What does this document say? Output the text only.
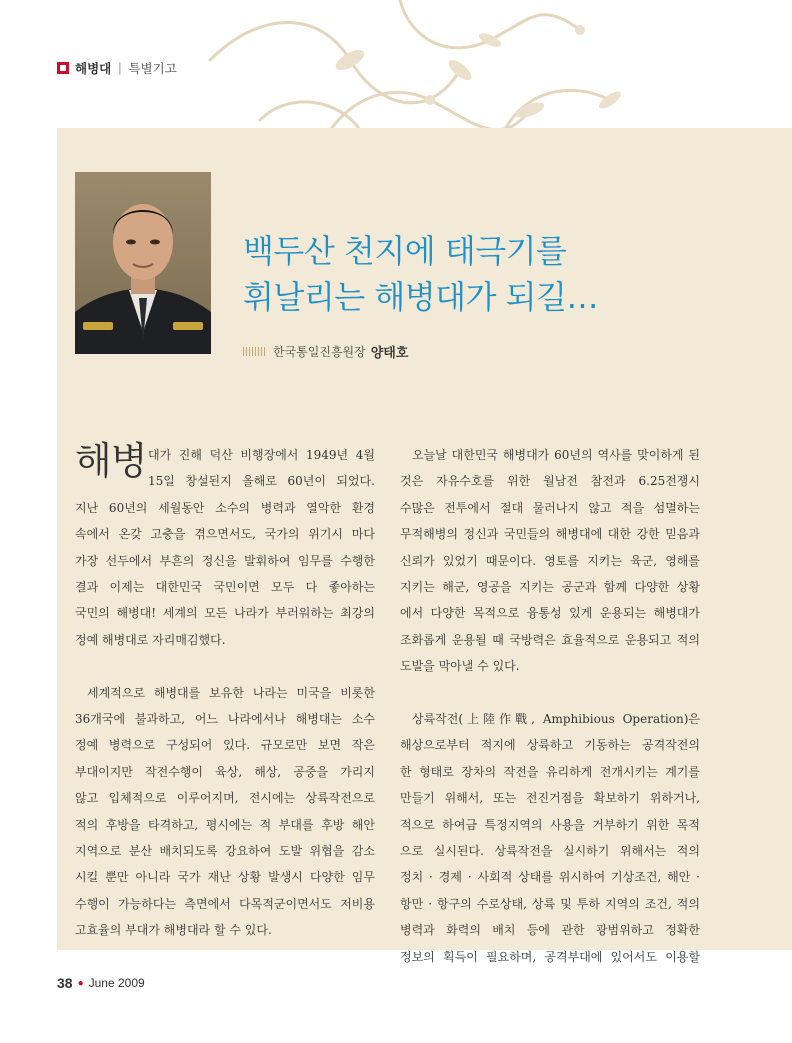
해병대 | 특별기고
백두산 천지에 태극기를
휘날리는 해병대가 되길…
한국통일진흥원장 양태호
해병 대가 진해 덕산 비행장에서 1949년 4월
15일 창설된지 올해로 60년이 되었다.
지난 60년의 세월동안 소수의 병력과 열악한 환경
속에서 온갖 고충을 겪으면서도, 국가의 위기시 마다
가장 선두에서 부흔의 정신을 발휘하여 임무를 수행한
결과 이제는 대한민국 국민이면 모두 다 좋아하는
국민의 해병대! 세계의 모든 나라가 부러워하는 최강의
정예 해병대로 자리매김했다.

세계적으로 해병대를 보유한 나라는 미국을 비롯한
36개국에 불과하고, 어느 나라에서나 해병대는 소수
정예 병력으로 구성되어 있다. 규모로만 보면 작은
부대이지만 작전수행이 육상, 해상, 공중을 가리지
않고 입체적으로 이루어지며, 전시에는 상륙작전으로
적의 후방을 타격하고, 평시에는 적 부대를 후방 해안
지역으로 분산 배치되도록 강요하여 도발 위협을 감소
시킬 뿐만 아니라 국가 재난 상황 발생시 다양한 임무
수행이 가능하다는 측면에서 다목적군이면서도 저비용
고효율의 부대가 해병대라 할 수 있다.

오늘날 대한민국 해병대가 60년의 역사를 맞이하게 된
것은 자유수호를 위한 월남전 참전과 6.25전쟁시
수많은 전투에서 절대 물러나지 않고 적을 섬멸하는
무적해병의 정신과 국민들의 해병대에 대한 강한 믿음과
신뢰가 있었기 때문이다. 영토를 지키는 육군, 영해를
지키는 해군, 영공을 지키는 공군과 함께 다양한 상황
에서 다양한 목적으로 융통성 있게 운용되는 해병대가
조화롭게 운용될 때 국방력은 효율적으로 운용되고 적의
도발을 막아낼 수 있다.

상륙작전(上陸作戰, Amphibious Operation)은
해상으로부터 적지에 상륙하고 기동하는 공격작전의
한 형태로 장차의 작전을 유리하게 전개시키는 계기를
만들기 위해서, 또는 전진거점을 확보하기 위하거나,
적으로 하여금 특정지역의 사용을 거부하기 위한 목적
으로 실시된다. 상륙작전을 실시하기 위해서는 적의
정치 · 경제 · 사회적 상태를 위시하여 기상조건, 해안 ·
항만 · 항구의 수로상태, 상륙 및 투하 지역의 조건, 적의
병력과 화력의 배치 등에 관한 광범위하고 정확한
정보의 획득이 필요하며, 공격부대에 있어서도 이용할

38 ● June 2009
